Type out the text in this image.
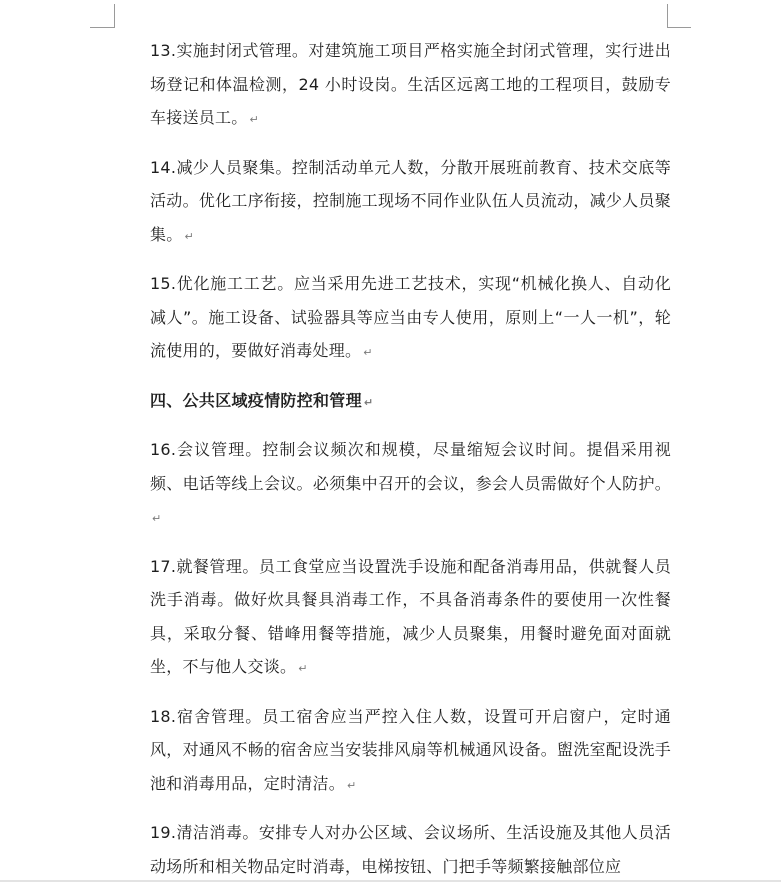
13.实施封闭式管理。对建筑施工项目严格实施全封闭式管理，实行进出场登记和体温检测，24 小时设岗。生活区远离工地的工程项目，鼓励专车接送员工。 ↵

14.减少人员聚集。控制活动单元人数，分散开展班前教育、技术交底等活动。优化工序衔接，控制施工现场不同作业队伍人员流动，减少人员聚集。 ↵

15.优化施工工艺。应当采用先进工艺技术，实现“机械化换人、自动化减人”。施工设备、试验器具等应当由专人使用，原则上“一人一机”，轮流使用的，要做好消毒处理。 ↵

四、公共区域疫情防控和管理 ↵

16.会议管理。控制会议频次和规模，尽量缩短会议时间。提倡采用视频、电话等线上会议。必须集中召开的会议，参会人员需做好个人防护。↵

17.就餐管理。员工食堂应当设置洗手设施和配备消毒用品，供就餐人员洗手消毒。做好炊具餐具消毒工作，不具备消毒条件的要使用一次性餐具，采取分餐、错峰用餐等措施，减少人员聚集，用餐时避免面对面就坐，不与他人交谈。 ↵

18.宿舍管理。员工宿舍应当严控入住人数，设置可开启窗户，定时通风，对通风不畅的宿舍应当安装排风扇等机械通风设备。盥洗室配设洗手池和消毒用品，定时清洁。 ↵

19.清洁消毒。安排专人对办公区域、会议场所、生活设施及其他人员活动场所和相关物品定时消毒，电梯按钮、门把手等频繁接触部位应
